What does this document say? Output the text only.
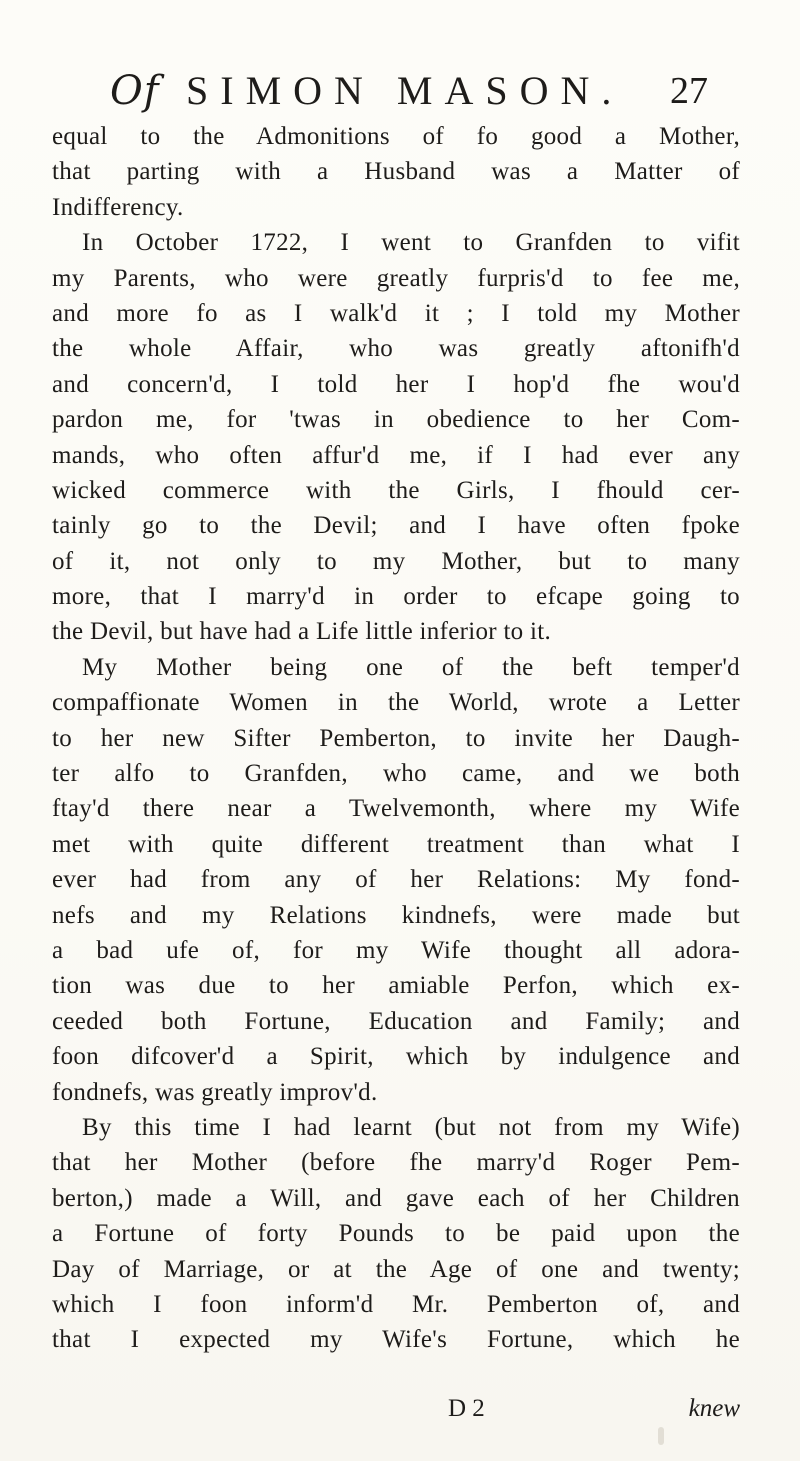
Of SIMON MASON. 27
equal to the Admonitions of fo good a Mother,
that parting with a Husband was a Matter of
Indifferency.
In October 1722, I went to Granfden to vifit
my Parents, who were greatly furpris'd to fee me,
and more fo as I walk'd it ; I told my Mother
the whole Affair, who was greatly aftonifh'd
and concern'd, I told her I hop'd fhe wou'd
pardon me, for 'twas in obedience to her Com-
mands, who often affur'd me, if I had ever any
wicked commerce with the Girls, I fhould cer-
tainly go to the Devil; and I have often fpoke
of it, not only to my Mother, but to many
more, that I marry'd in order to efcape going to
the Devil, but have had a Life little inferior to it.
My Mother being one of the beft temper'd
compaffionate Women in the World, wrote a Letter
to her new Sifter Pemberton, to invite her Daugh-
ter alfo to Granfden, who came, and we both
ftay'd there near a Twelvemonth, where my Wife
met with quite different treatment than what I
ever had from any of her Relations: My fond-
nefs and my Relations kindnefs, were made but
a bad ufe of, for my Wife thought all adora-
tion was due to her amiable Perfon, which ex-
ceeded both Fortune, Education and Family; and
foon difcover'd a Spirit, which by indulgence and
fondnefs, was greatly improv'd.
By this time I had learnt (but not from my Wife)
that her Mother (before fhe marry'd Roger Pem-
berton,) made a Will, and gave each of her Children
a Fortune of forty Pounds to be paid upon the
Day of Marriage, or at the Age of one and twenty;
which I foon inform'd Mr. Pemberton of, and
that I expected my Wife's Fortune, which he
D 2	knew
